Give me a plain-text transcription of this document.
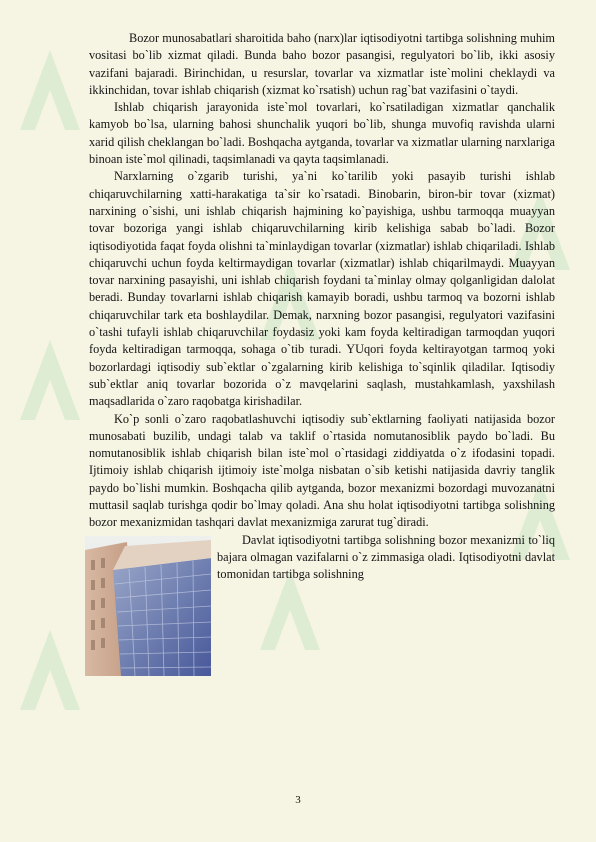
Bozor munosabatlari sharoitida baho (narx)lar iqtisodiyotni tartibga solishning muhim vositasi bo`lib xizmat qiladi. Bunda baho bozor pasangisi, regulyatori bo`lib, ikki asosiy vazifani bajaradi. Birinchidan, u resurslar, tovarlar va xizmatlar iste`molini cheklaydi va ikkinchidan, tovar ishlab chiqarish (xizmat ko`rsatish) uchun rag`bat vazifasini o`taydi.

Ishlab chiqarish jarayonida iste`mol tovarlari, ko`rsatiladigan xizmatlar qanchalik kamyob bo`lsa, ularning bahosi shunchalik yuqori bo`lib, shunga muvofiq ravishda ularni xarid qilish cheklangan bo`ladi. Boshqacha aytganda, tovarlar va xizmatlar ularning narxlariga binoan iste`mol qilinadi, taqsimlanadi va qayta taqsimlanadi.

Narxlarning o`zgarib turishi, ya`ni ko`tarilib yoki pasayib turishi ishlab chiqaruvchilarning xatti-harakatiga ta`sir ko`rsatadi. Binobarin, biron-bir tovar (xizmat) narxining o`sishi, uni ishlab chiqarish hajmining ko`payishiga, ushbu tarmoqqa muayyan tovar bozoriga yangi ishlab chiqaruvchilarning kirib kelishiga sabab bo`ladi. Bozor iqtisodiyotida faqat foyda olishni ta`minlaydigan tovarlar (xizmatlar) ishlab chiqariladi. Ishlab chiqaruvchi uchun foyda keltirmaydigan tovarlar (xizmatlar) ishlab chiqarilmaydi. Muayyan tovar narxining pasayishi, uni ishlab chiqarish foydani ta`minlay olmay qolganligidan dalolat beradi. Bunday tovarlarni ishlab chiqarish kamayib boradi, ushbu tarmoq va bozorni ishlab chiqaruvchilar tark eta boshlaydilar. Demak, narxning bozor pasangisi, regulyatori vazifasini o`tashi tufayli ishlab chiqaruvchilar foydasiz yoki kam foyda keltiradigan tarmoqdan yuqori foyda keltiradigan tarmoqqa, sohaga o`tib turadi. YUqori foyda keltirayotgan tarmoq yoki bozorlardagi iqtisodiy sub`ektlar o`zgalarning kirib kelishiga to`sqinlik qiladilar. Iqtisodiy sub`ektlar aniq tovarlar bozorida o`z mavqelarini saqlash, mustahkamlash, yaxshilash maqsadlarida o`zaro raqobatga kirishadilar.

Ko`p sonli o`zaro raqobatlashuvchi iqtisodiy sub`ektlarning faoliyati natijasida bozor munosabati buzilib, undagi talab va taklif o`rtasida nomutanosiblik paydo bo`ladi. Bu nomutanosiblik ishlab chiqarish bilan iste`mol o`rtasidagi ziddiyatda o`z ifodasini topadi. Ijtimoiy ishlab chiqarish ijtimoiy iste`molga nisbatan o`sib ketishi natijasida davriy tanglik paydo bo`lishi mumkin. Boshqacha qilib aytganda, bozor mexanizmi bozordagi muvozanatni muttasil saqlab turishga qodir bo`lmay qoladi. Ana shu holat iqtisodiyotni tartibga solishning bozor mexanizmidan tashqari davlat mexanizmiga zarurat tug`diradi.

Davlat iqtisodiyotni tartibga solishning bozor mexanizmi to`liq bajara olmagan vazifalarni o`z zimmasiga oladi. Iqtisodiyotni davlat tomonidan tartibga solishning

3
